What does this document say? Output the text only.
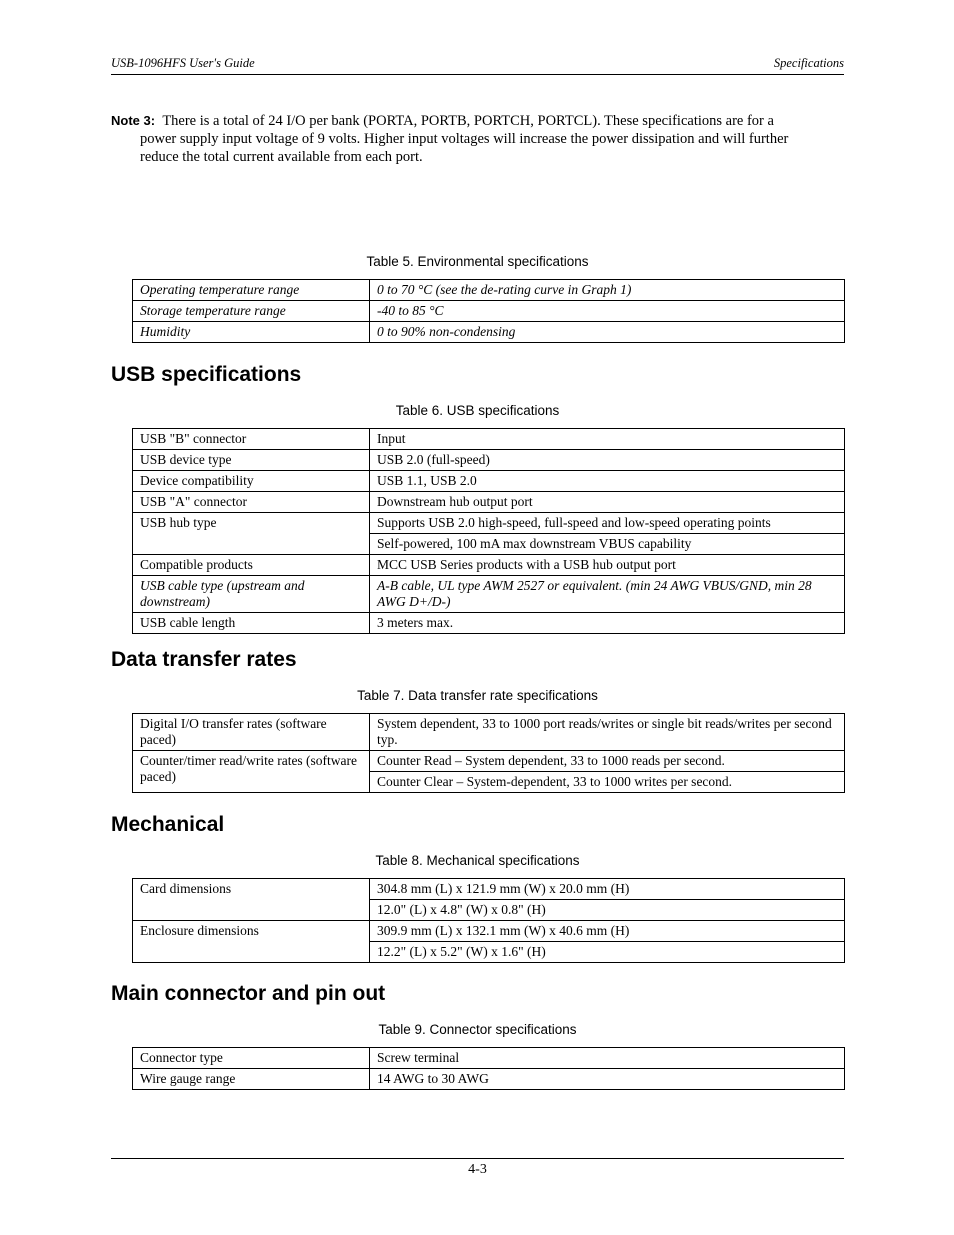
USB-1096HFS User's Guide	Specifications
Note 3: There is a total of 24 I/O per bank (PORTA, PORTB, PORTCH, PORTCL). These specifications are for a
power supply input voltage of 9 volts. Higher input voltages will increase the power dissipation and will further
reduce the total current available from each port.
Table 5. Environmental specifications
Operating temperature range	0 to 70 °C (see the de-rating curve in Graph 1)
Storage temperature range	-40 to 85 °C
Humidity	0 to 90% non-condensing
USB specifications
Table 6. USB specifications
USB "B" connector	Input
USB device type	USB 2.0 (full-speed)
Device compatibility	USB 1.1, USB 2.0
USB "A" connector	Downstream hub output port
USB hub type	Supports USB 2.0 high-speed, full-speed and low-speed operating points
	Self-powered, 100 mA max downstream VBUS capability
Compatible products	MCC USB Series products with a USB hub output port
USB cable type (upstream and downstream)	A-B cable, UL type AWM 2527 or equivalent. (min 24 AWG VBUS/GND, min 28 AWG D+/D-)
USB cable length	3 meters max.
Data transfer rates
Table 7. Data transfer rate specifications
Digital I/O transfer rates (software paced)	System dependent, 33 to 1000 port reads/writes or single bit reads/writes per second typ.
Counter/timer read/write rates (software paced)	Counter Read – System dependent, 33 to 1000 reads per second.
	Counter Clear – System-dependent, 33 to 1000 writes per second.
Mechanical
Table 8. Mechanical specifications
Card dimensions	304.8 mm (L) x 121.9 mm (W) x 20.0 mm (H)
	12.0" (L) x 4.8" (W) x 0.8" (H)
Enclosure dimensions	309.9 mm (L) x 132.1 mm (W) x 40.6 mm (H)
	12.2" (L) x 5.2" (W) x 1.6" (H)
Main connector and pin out
Table 9. Connector specifications
Connector type	Screw terminal
Wire gauge range	14 AWG to 30 AWG
4-3
